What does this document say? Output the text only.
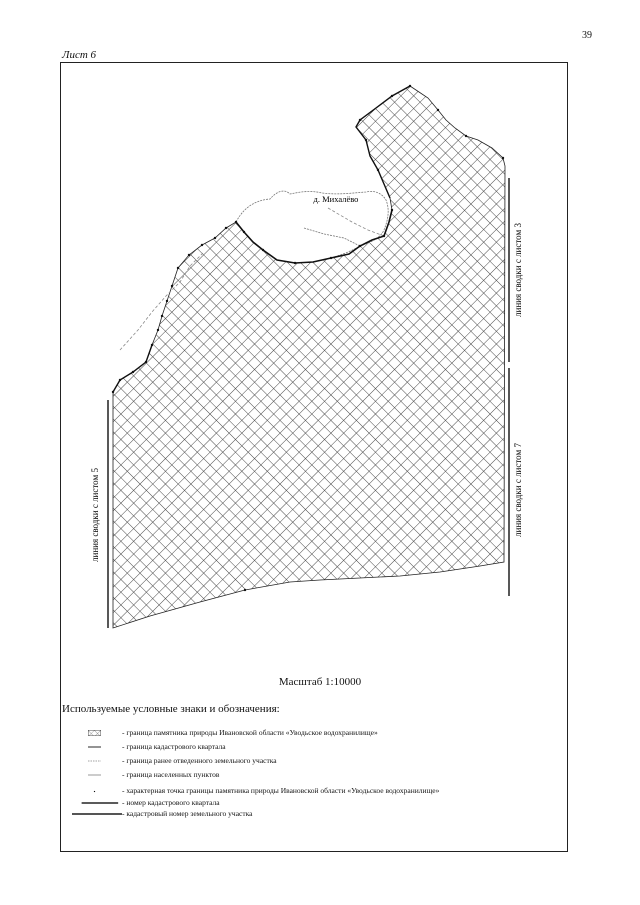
39
Лист 6
линия сводки с листом 3
линия сводки с листом 7
линия сводки с листом 5
д. Михалёво
Масштаб 1:10000
Используемые условные знаки и обозначения:
- граница памятника природы Ивановской области «Уводьское водохранилище»
- граница кадастрового квартала
- граница ранее отведенного земельного участка
- граница населенных пунктов
- характерная точка границы памятника природы Ивановской области «Уводьское водохранилище»
- номер кадастрового квартала
- кадастровый номер земельного участка
